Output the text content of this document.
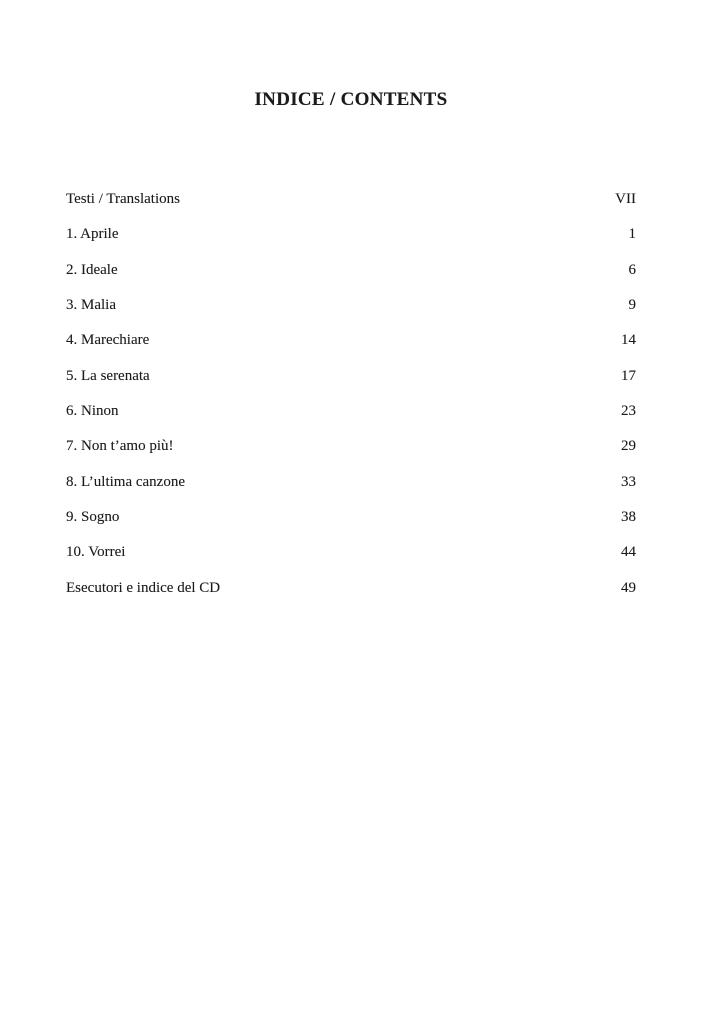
INDICE / CONTENTS
Testi / Translations	VII
1. Aprile	1
2. Ideale	6
3. Malia	9
4. Marechiare	14
5. La serenata	17
6. Ninon	23
7. Non t’amo più!	29
8. L’ultima canzone	33
9. Sogno	38
10. Vorrei	44
Esecutori e indice del CD	49
